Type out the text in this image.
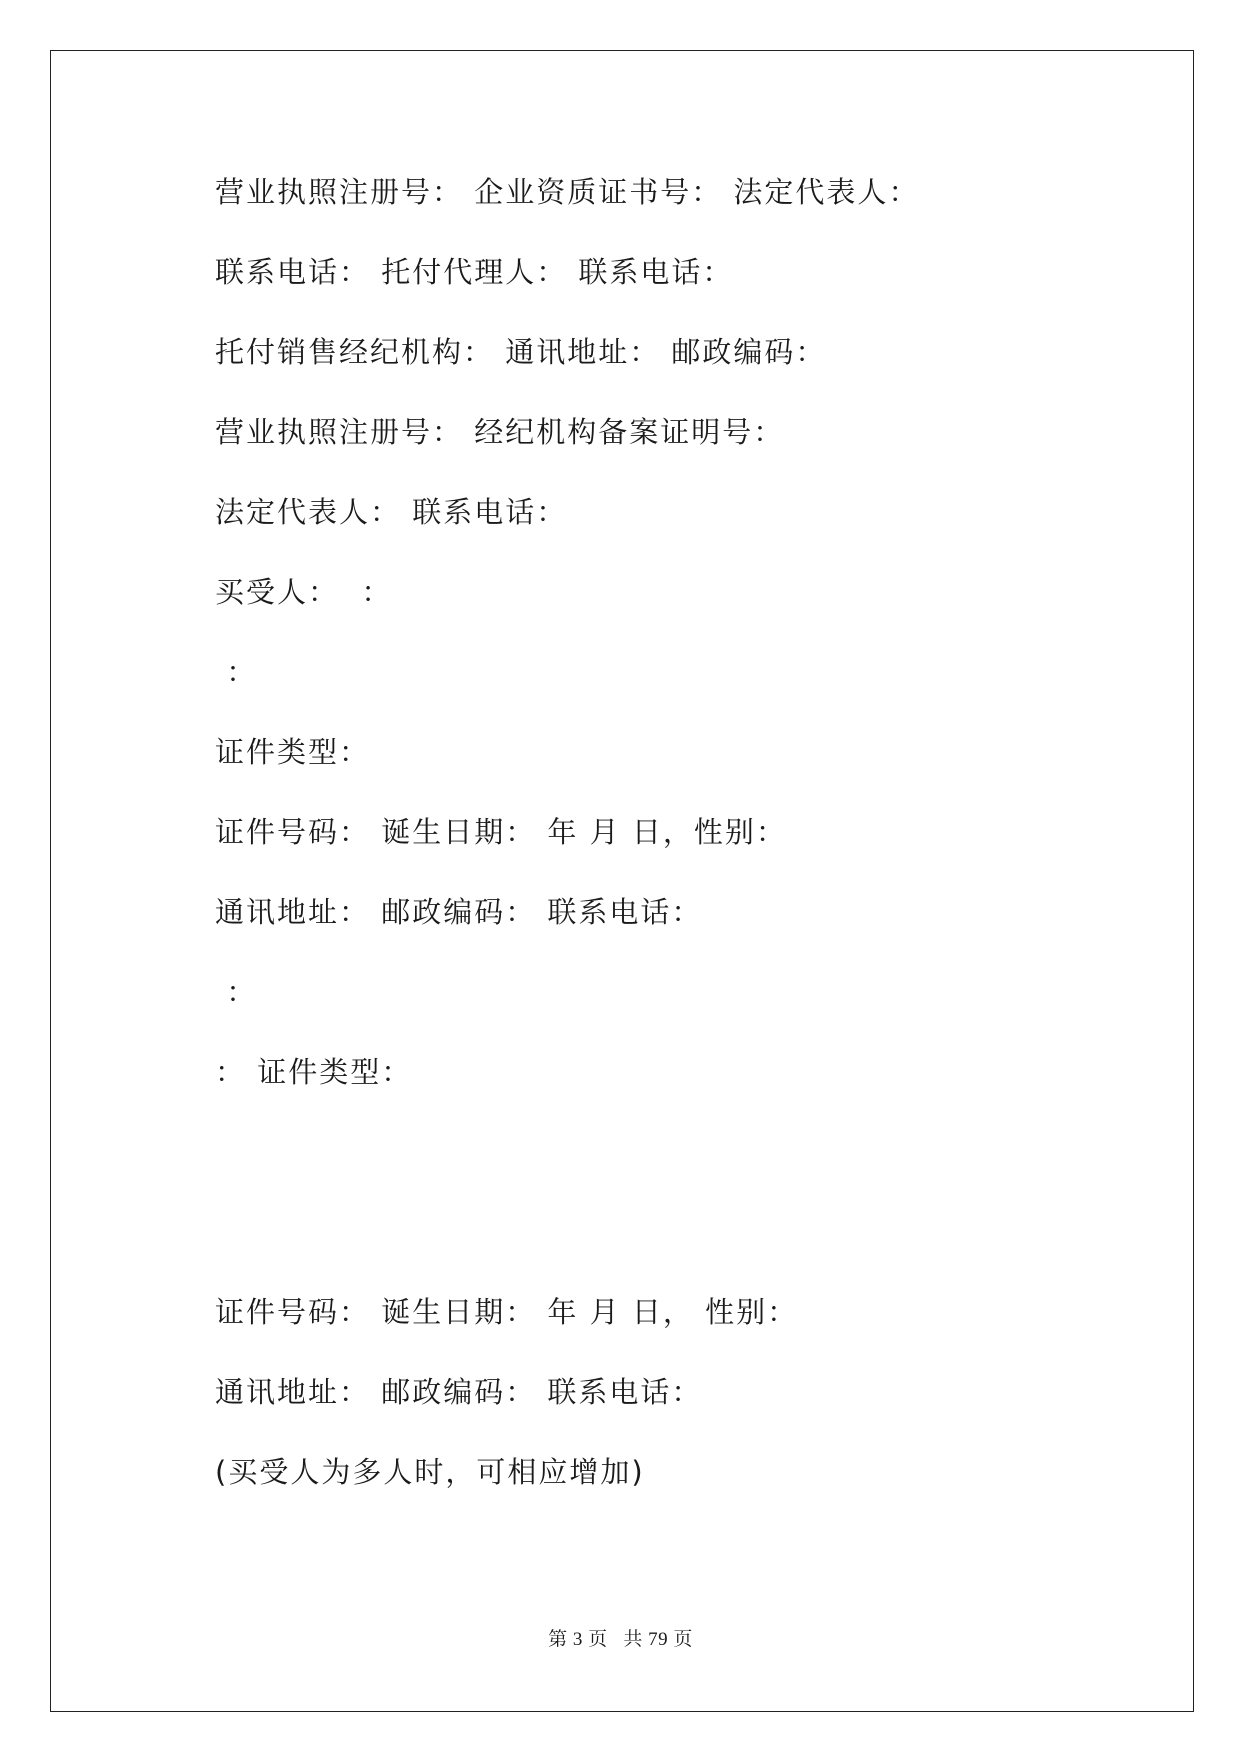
营业执照注册号： 企业资质证书号： 法定代表人：
联系电话： 托付代理人： 联系电话：
托付销售经纪机构： 通讯地址： 邮政编码：
营业执照注册号： 经纪机构备案证明号：
法定代表人： 联系电话：
买受人：  ：
：
证件类型：
证件号码： 诞生日期： 年 月 日，性别：
通讯地址： 邮政编码： 联系电话：
：
： 证件类型：
证件号码： 诞生日期： 年 月 日， 性别：
通讯地址： 邮政编码： 联系电话：
(买受人为多人时，可相应增加)
第 3 页   共 79 页
